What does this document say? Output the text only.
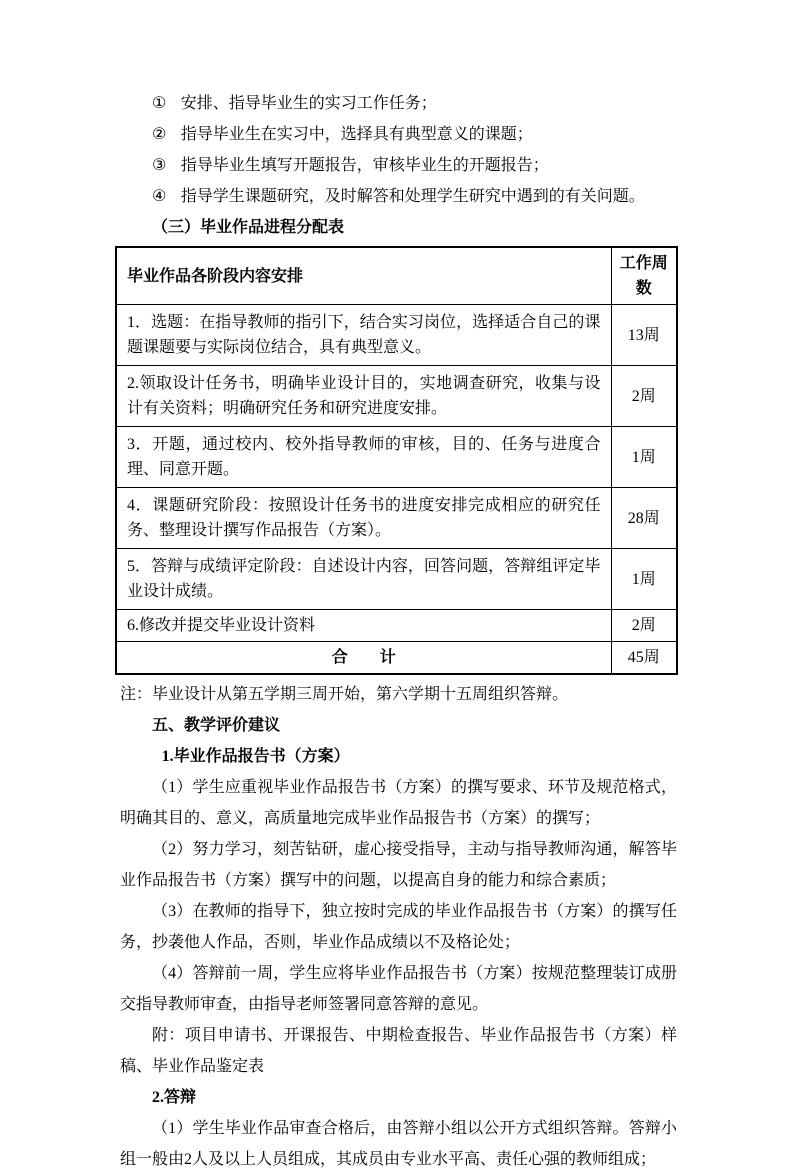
① 安排、指导毕业生的实习工作任务；
② 指导毕业生在实习中，选择具有典型意义的课题；
③ 指导毕业生填写开题报告，审核毕业生的开题报告；
④ 指导学生课题研究，及时解答和处理学生研究中遇到的有关问题。
（三）毕业作品进程分配表
毕业作品各阶段内容安排	工作周数
1．选题：在指导教师的指引下，结合实习岗位，选择适合自己的课题课题要与实际岗位结合，具有典型意义。	13周
2.领取设计任务书，明确毕业设计目的，实地调查研究，收集与设计有关资料；明确研究任务和研究进度安排。	2周
3．开题，通过校内、校外指导教师的审核，目的、任务与进度合理、同意开题。	1周
4．课题研究阶段：按照设计任务书的进度安排完成相应的研究任务、整理设计撰写作品报告（方案）。	28周
5．答辩与成绩评定阶段：自述设计内容，回答问题，答辩组评定毕业设计成绩。	1周
6.修改并提交毕业设计资料	2周
合　　计	45周
注：毕业设计从第五学期三周开始，第六学期十五周组织答辩。
五、教学评价建议
1.毕业作品报告书（方案）
（1）学生应重视毕业作品报告书（方案）的撰写要求、环节及规范格式，明确其目的、意义，高质量地完成毕业作品报告书（方案）的撰写；
（2）努力学习，刻苦钻研，虚心接受指导，主动与指导教师沟通，解答毕业作品报告书（方案）撰写中的问题，以提高自身的能力和综合素质；
（3）在教师的指导下，独立按时完成的毕业作品报告书（方案）的撰写任务，抄袭他人作品，否则，毕业作品成绩以不及格论处；
（4）答辩前一周，学生应将毕业作品报告书（方案）按规范整理装订成册交指导教师审查，由指导老师签署同意答辩的意见。
附：项目申请书、开课报告、中期检查报告、毕业作品报告书（方案）样稿、毕业作品鉴定表
2.答辩
（1）学生毕业作品审查合格后，由答辩小组以公开方式组织答辩。答辩小组一般由2人及以上人员组成，其成员由专业水平高、责任心强的教师组成；
